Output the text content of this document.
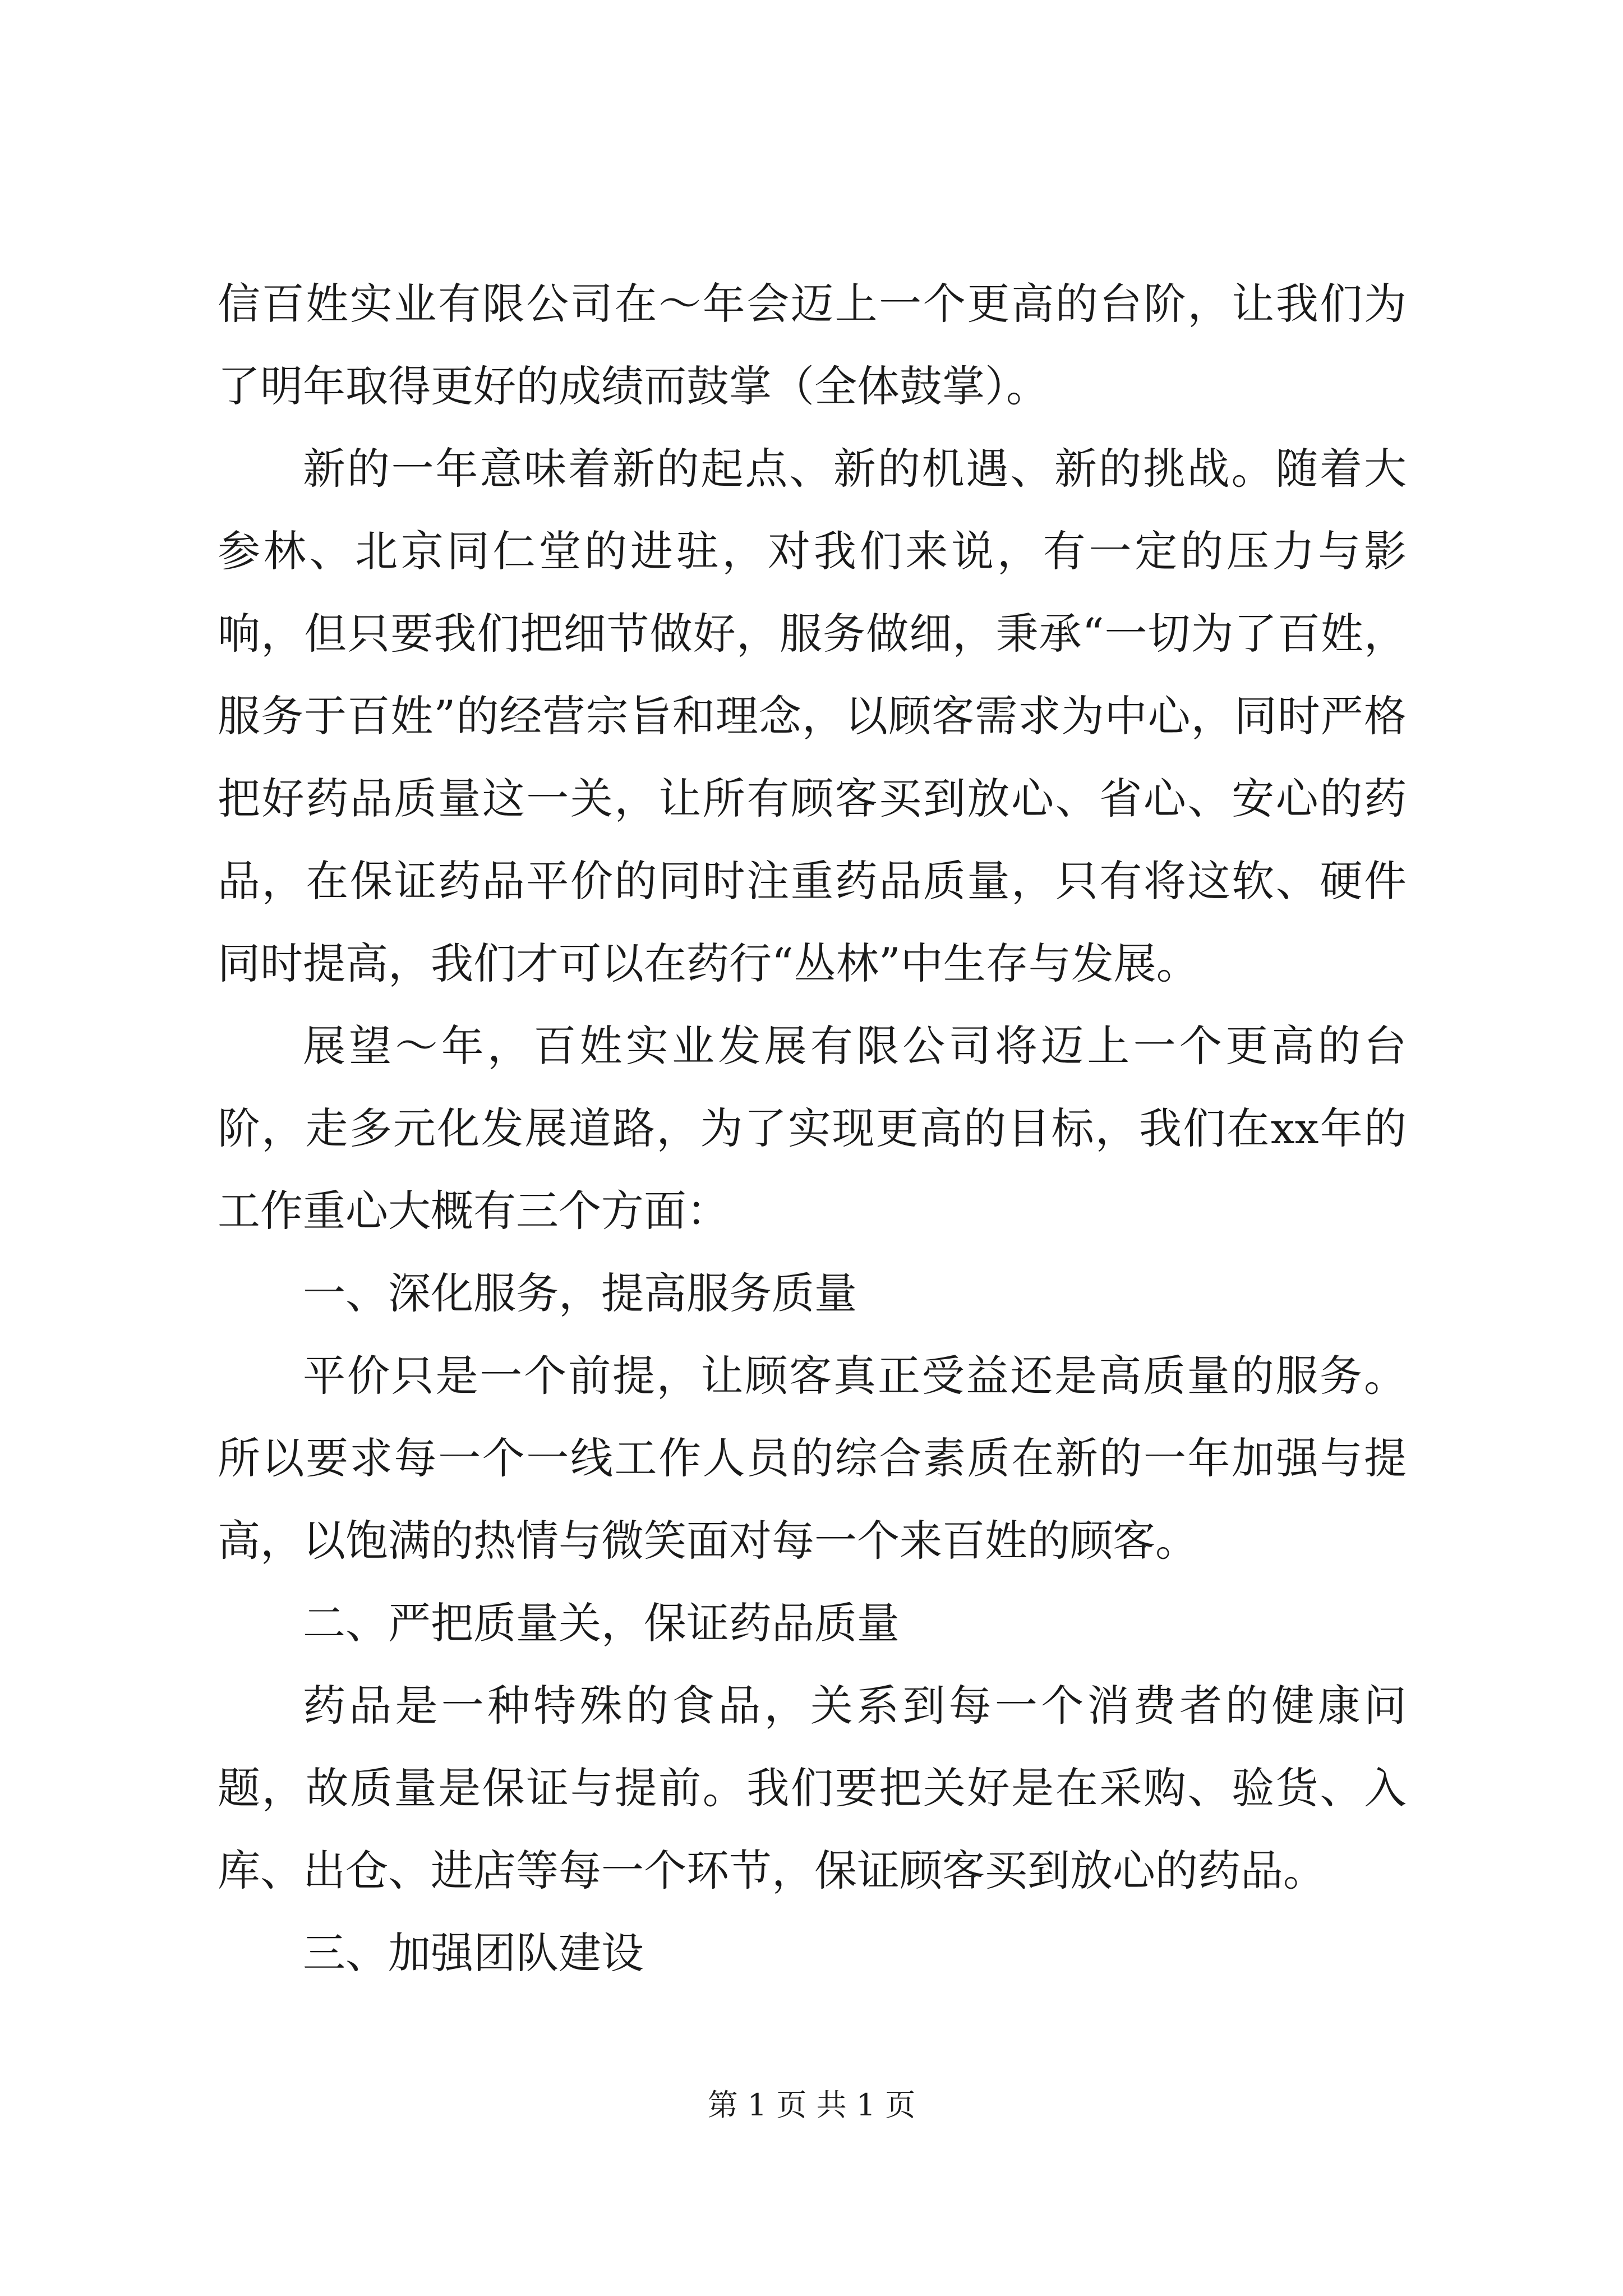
信百姓实业有限公司在～年会迈上一个更高的台阶，让我们为了明年取得更好的成绩而鼓掌（全体鼓掌）。

新的一年意味着新的起点、新的机遇、新的挑战。随着大参林、北京同仁堂的进驻，对我们来说，有一定的压力与影响，但只要我们把细节做好，服务做细，秉承“一切为了百姓，服务于百姓”的经营宗旨和理念，以顾客需求为中心，同时严格把好药品质量这一关，让所有顾客买到放心、省心、安心的药品，在保证药品平价的同时注重药品质量，只有将这软、硬件同时提高，我们才可以在药行“丛林”中生存与发展。

展望～年，百姓实业发展有限公司将迈上一个更高的台阶，走多元化发展道路，为了实现更高的目标，我们在xx年的工作重心大概有三个方面：

一、深化服务，提高服务质量

平价只是一个前提，让顾客真正受益还是高质量的服务。所以要求每一个一线工作人员的综合素质在新的一年加强与提高，以饱满的热情与微笑面对每一个来百姓的顾客。

二、严把质量关，保证药品质量

药品是一种特殊的食品，关系到每一个消费者的健康问题，故质量是保证与提前。我们要把关好是在采购、验货、入库、出仓、进店等每一个环节，保证顾客买到放心的药品。

三、加强团队建设

第 1 页 共 1 页
